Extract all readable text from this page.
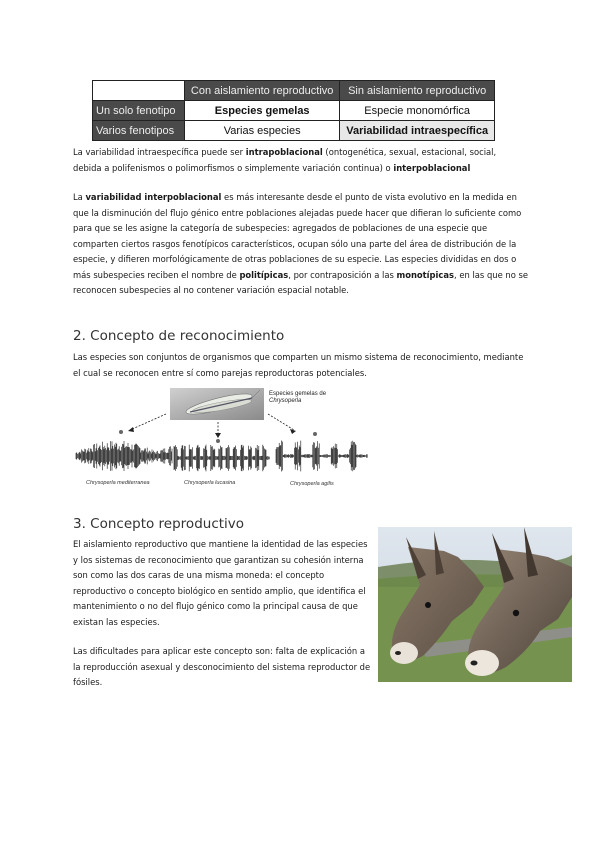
	Con aislamiento reproductivo	Sin aislamiento reproductivo
Un solo fenotipo	Especies gemelas	Especie monomórfica
Varios fenotipos	Varias especies	Variabilidad intraespecífica

La variabilidad intraespecífica puede ser intrapoblacional (ontogenética, sexual, estacional, social, debida a polifenismos o polimorfismos o simplemente variación continua) o interpoblacional

La variabilidad interpoblacional es más interesante desde el punto de vista evolutivo en la medida en que la disminución del flujo génico entre poblaciones alejadas puede hacer que difieran lo suficiente como para que se les asigne la categoría de subespecies: agregados de poblaciones de una especie que comparten ciertos rasgos fenotípicos característicos, ocupan sólo una parte del área de distribución de la especie, y difieren morfológicamente de otras poblaciones de su especie. Las especies divididas en dos o más subespecies reciben el nombre de politípicas, por contraposición a las monotípicas, en las que no se reconocen subespecies al no contener variación espacial notable.

2. Concepto de reconocimiento

Las especies son conjuntos de organismos que comparten un mismo sistema de reconocimiento, mediante el cual se reconocen entre sí como parejas reproductoras potenciales.

Especies gemelas de
Chrysoperla
Chrysoperla mediterranea	Chrysoperla lucasina	Chrysoperla agilis
3. Concepto reproductivo

El aislamiento reproductivo que mantiene la identidad de las especies y los sistemas de reconocimiento que garantizan su cohesión interna son como las dos caras de una misma moneda: el concepto reproductivo o concepto biológico en sentido amplio, que identifica el mantenimiento o no del flujo génico como la principal causa de que existan las especies.

Las dificultades para aplicar este concepto son: falta de explicación a la reproducción asexual y desconocimiento del sistema reproductor de fósiles.
